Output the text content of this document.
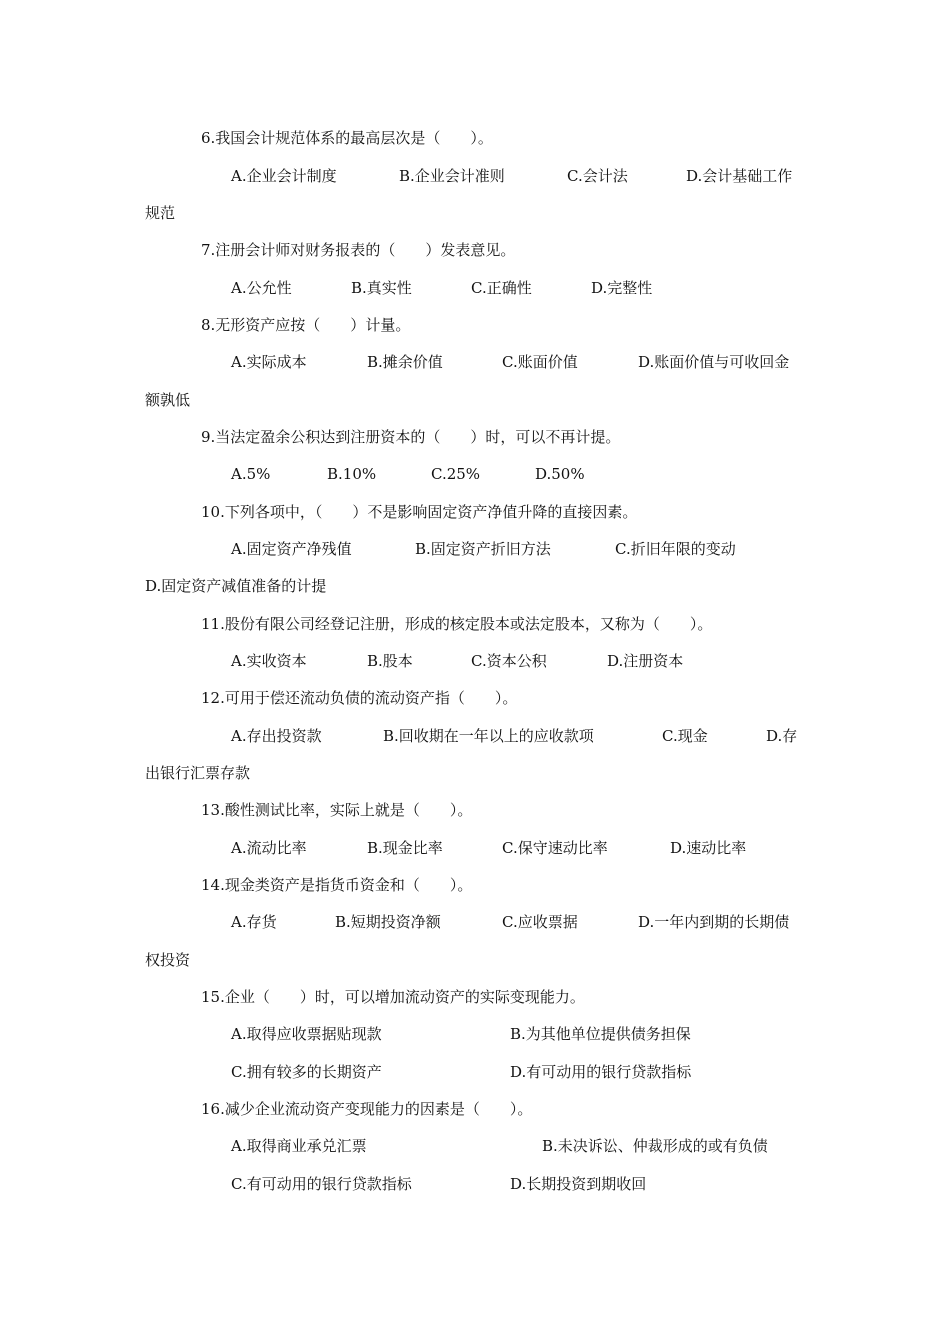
6.我国会计规范体系的最高层次是（　　）。
A.企业会计制度	B.企业会计准则	C.会计法	D.会计基础工作
规范
7.注册会计师对财务报表的（　　）发表意见。
A.公允性	B.真实性	C.正确性	D.完整性
8.无形资产应按（　　）计量。
A.实际成本	B.摊余价值	C.账面价值	D.账面价值与可收回金
额孰低
9.当法定盈余公积达到注册资本的（　　）时，可以不再计提。
A.5%	B.10%	C.25%	D.50%
10.下列各项中，（　　）不是影响固定资产净值升降的直接因素。
A.固定资产净残值	B.固定资产折旧方法	C.折旧年限的变动
D.固定资产减值准备的计提
11.股份有限公司经登记注册，形成的核定股本或法定股本，又称为（　　）。
A.实收资本	B.股本	C.资本公积	D.注册资本
12.可用于偿还流动负债的流动资产指（　　）。
A.存出投资款	B.回收期在一年以上的应收款项	C.现金	D.存
出银行汇票存款
13.酸性测试比率，实际上就是（　　）。
A.流动比率	B.现金比率	C.保守速动比率	D.速动比率
14.现金类资产是指货币资金和（　　）。
A.存货	B.短期投资净额	C.应收票据	D.一年内到期的长期债
权投资
15.企业（　　）时，可以增加流动资产的实际变现能力。
A.取得应收票据贴现款	B.为其他单位提供债务担保
C.拥有较多的长期资产	D.有可动用的银行贷款指标
16.减少企业流动资产变现能力的因素是（　　）。
A.取得商业承兑汇票	B.未决诉讼、仲裁形成的或有负债
C.有可动用的银行贷款指标	D.长期投资到期收回
